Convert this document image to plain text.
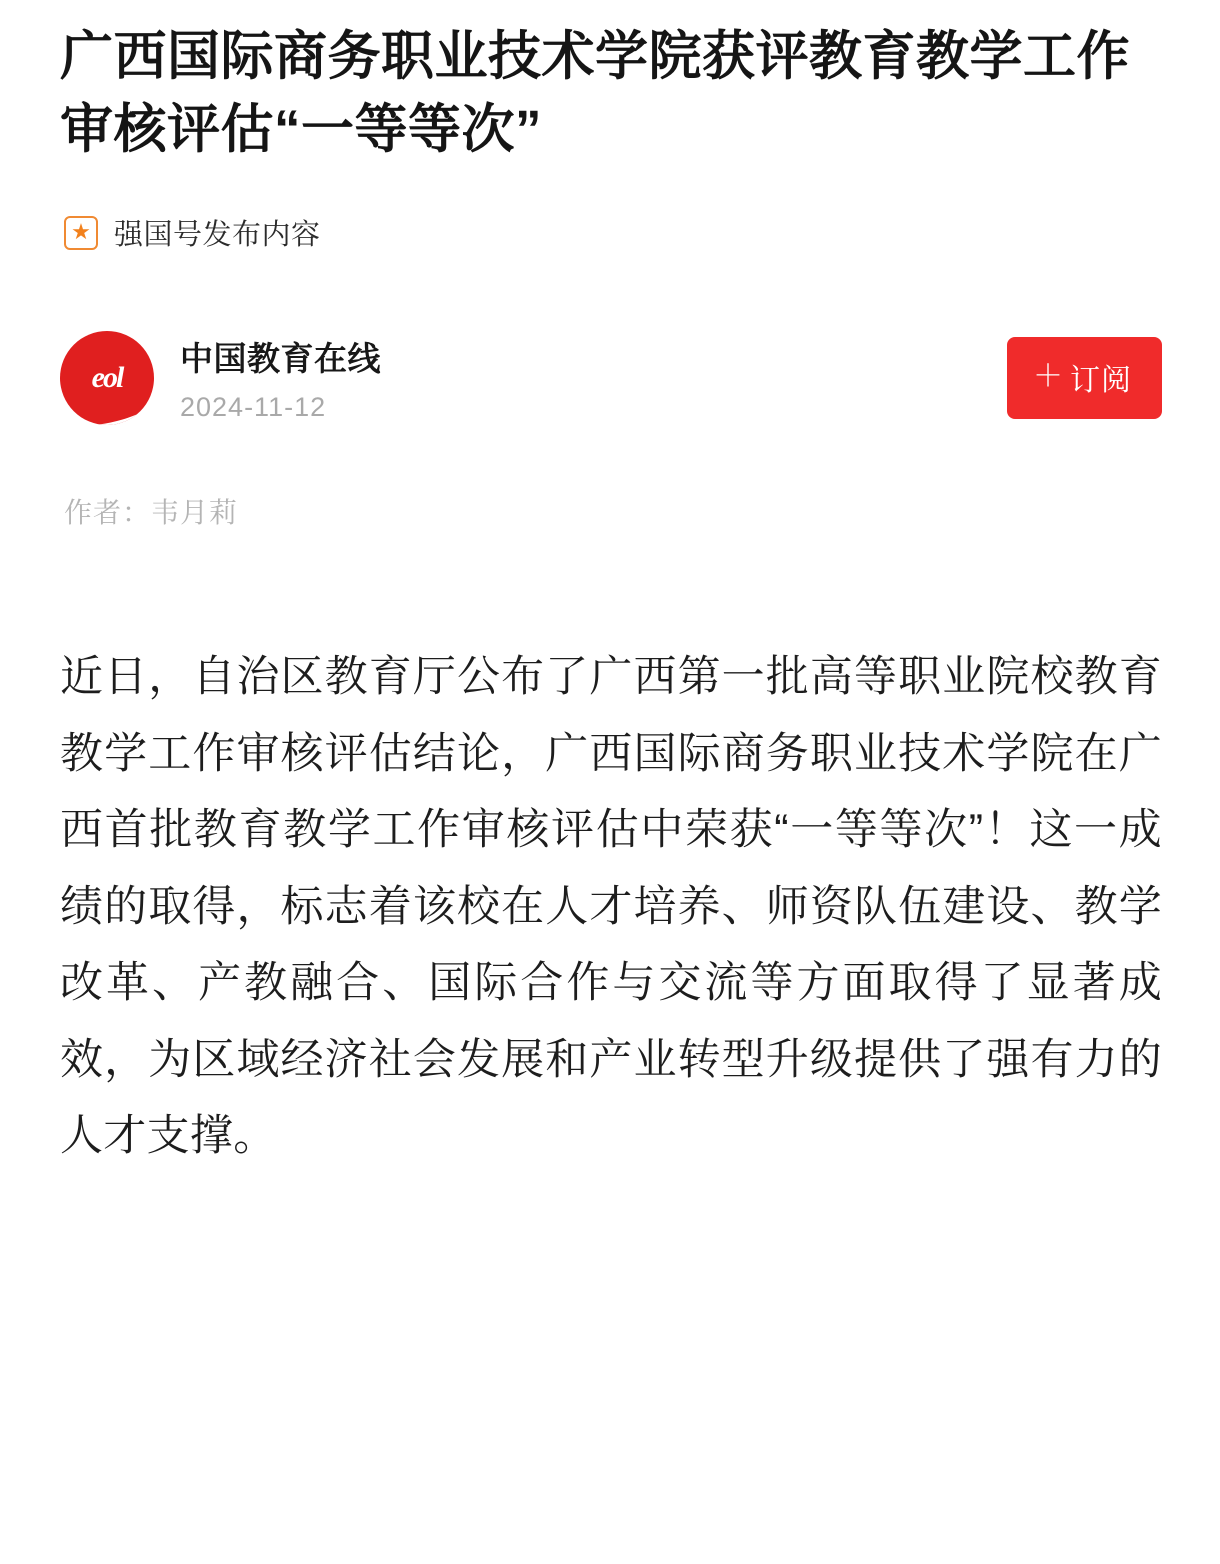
广西国际商务职业技术学院获评教育教学工作审核评估“一等等次”
★ 强国号发布内容
eol
中国教育在线
2024-11-12
＋ 订阅
作者：韦月莉

近日，自治区教育厅公布了广西第一批高等职业院校教育教学工作审核评估结论，广西国际商务职业技术学院在广西首批教育教学工作审核评估中荣获“一等等次”！这一成绩的取得，标志着该校在人才培养、师资队伍建设、教学改革、产教融合、国际合作与交流等方面取得了显著成效，为区域经济社会发展和产业转型升级提供了强有力的人才支撑。
